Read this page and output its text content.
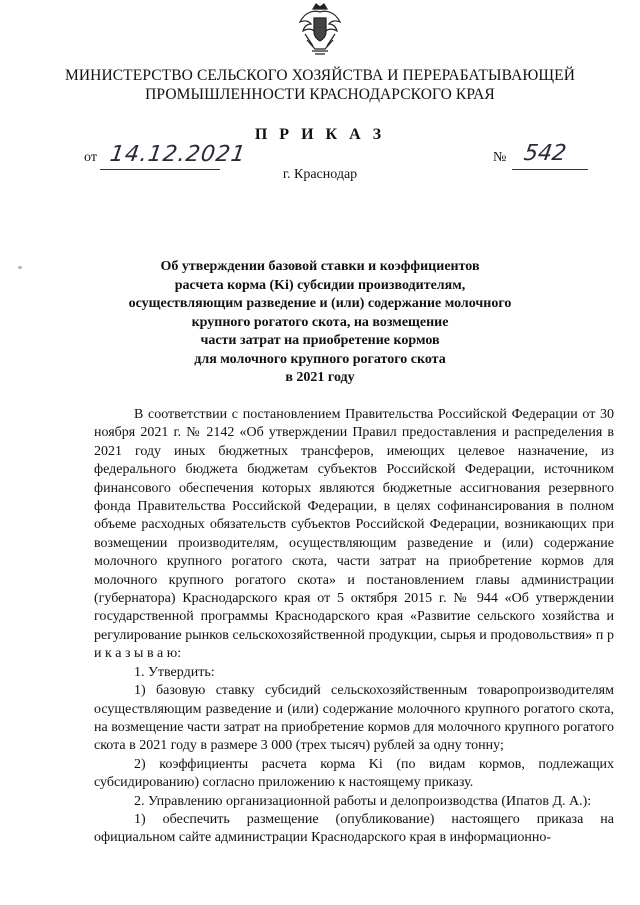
МИНИСТЕРСТВО СЕЛЬСКОГО ХОЗЯЙСТВА И ПЕРЕРАБАТЫВАЮЩЕЙ
ПРОМЫШЛЕННОСТИ КРАСНОДАРСКОГО КРАЯ
П Р И К А З
от 14.12.2021	№ 542
г. Краснодар
Об утверждении базовой ставки и коэффициентов
расчета корма (Ki) субсидии производителям,
осуществляющим разведение и (или) содержание молочного
крупного рогатого скота, на возмещение
части затрат на приобретение кормов
для молочного крупного рогатого скота
в 2021 году

В соответствии с постановлением Правительства Российской Федерации от 30 ноября 2021 г. № 2142 «Об утверждении Правил предоставления и распределения в 2021 году иных бюджетных трансферов, имеющих целевое назначение, из федерального бюджета бюджетам субъектов Российской Федерации, источником финансового обеспечения которых являются бюджетные ассигнования резервного фонда Правительства Российской Федерации, в целях софинансирования в полном объеме расходных обязательств субъектов Российской Федерации, возникающих при возмещении производителям, осуществляющим разведение и (или) содержание молочного крупного рогатого скота, части затрат на приобретение кормов для молочного крупного рогатого скота» и постановлением главы администрации (губернатора) Краснодарского края от 5 октября 2015 г. № 944 «Об утверждении государственной программы Краснодарского края «Развитие сельского хозяйства и регулирование рынков сельскохозяйственной продукции, сырья и продовольствия» п р и к а з ы в а ю:

1. Утвердить:

1) базовую ставку субсидий сельскохозяйственным товаропроизводителям осуществляющим разведение и (или) содержание молочного крупного рогатого скота, на возмещение части затрат на приобретение кормов для молочного крупного рогатого скота в 2021 году в размере 3 000 (трех тысяч) рублей за одну тонну;

2) коэффициенты расчета корма Ki (по видам кормов, подлежащих субсидированию) согласно приложению к настоящему приказу.

2. Управлению организационной работы и делопроизводства (Ипатов Д. А.):

1) обеспечить размещение (опубликование) настоящего приказа на официальном сайте администрации Краснодарского края в информационно-
